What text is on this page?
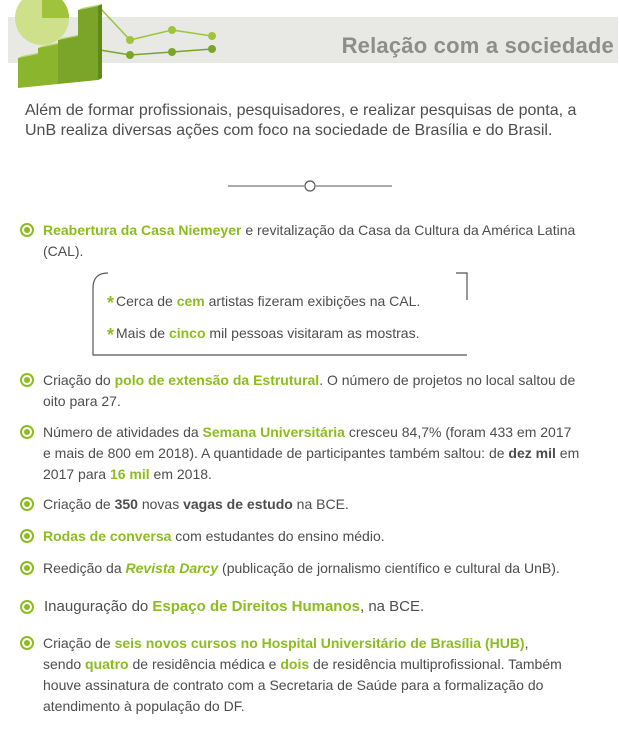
Relação com a sociedade
Além de formar profissionais, pesquisadores, e realizar pesquisas de ponta, a UnB realiza diversas ações com foco na sociedade de Brasília e do Brasil.
Reabertura da Casa Niemeyer e revitalização da Casa da Cultura da América Latina (CAL).
* Cerca de cem artistas fizeram exibições na CAL.
* Mais de cinco mil pessoas visitaram as mostras.
Criação do polo de extensão da Estrutural. O número de projetos no local saltou de oito para 27.
Número de atividades da Semana Universitária cresceu 84,7% (foram 433 em 2017 e mais de 800 em 2018). A quantidade de participantes também saltou: de dez mil em 2017 para 16 mil em 2018.
Criação de 350 novas vagas de estudo na BCE.
Rodas de conversa com estudantes do ensino médio.
Reedição da Revista Darcy (publicação de jornalismo científico e cultural da UnB).
Inauguração do Espaço de Direitos Humanos, na BCE.
Criação de seis novos cursos no Hospital Universitário de Brasília (HUB), sendo quatro de residência médica e dois de residência multiprofissional. Também houve assinatura de contrato com a Secretaria de Saúde para a formalização do atendimento à população do DF.
